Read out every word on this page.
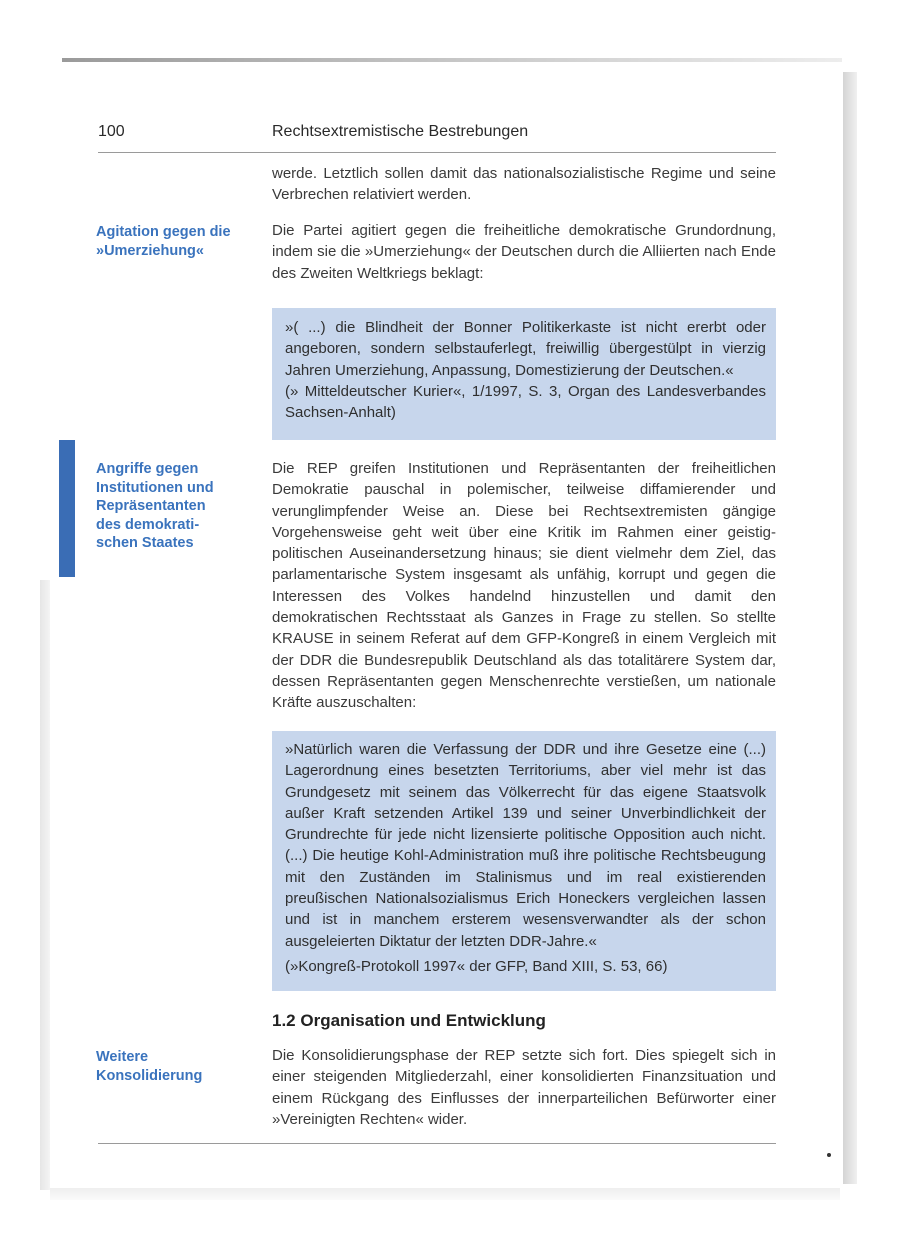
100	Rechtsextremistische Bestrebungen

werde. Letztlich sollen damit das nationalsozialistische Regime und seine Verbrechen relativiert werden.

Agitation gegen die
»Umerziehung«

Die Partei agitiert gegen die freiheitliche demokratische Grundordnung, indem sie die »Umerziehung« der Deutschen durch die Alliierten nach Ende des Zweiten Weltkriegs beklagt:

»( ...) die Blindheit der Bonner Politikerkaste ist nicht ererbt oder angeboren, sondern selbstauferlegt, freiwillig übergestülpt in vierzig Jahren Umerziehung, Anpassung, Domestizierung der Deutschen.«

(» Mitteldeutscher Kurier«, 1/1997, S. 3, Organ des Landesverbandes Sachsen-Anhalt)

Angriffe gegen
Institutionen und
Repräsentanten
des demokrati-
schen Staates

Die REP greifen Institutionen und Repräsentanten der freiheitlichen Demokratie pauschal in polemischer, teilweise diffamierender und verunglimpfender Weise an. Diese bei Rechtsextremisten gängige Vorgehensweise geht weit über eine Kritik im Rahmen einer geistig-politischen Auseinandersetzung hinaus; sie dient vielmehr dem Ziel, das parlamentarische System insgesamt als unfähig, korrupt und gegen die Interessen des Volkes handelnd hinzustellen und damit den demokratischen Rechtsstaat als Ganzes in Frage zu stellen. So stellte KRAUSE in seinem Referat auf dem GFP-Kongreß in einem Vergleich mit der DDR die Bundesrepublik Deutschland als das totalitärere System dar, dessen Repräsentanten gegen Menschenrechte verstießen, um nationale Kräfte auszuschalten:

»Natürlich waren die Verfassung der DDR und ihre Gesetze eine (...) Lagerordnung eines besetzten Territoriums, aber viel mehr ist das Grundgesetz mit seinem das Völkerrecht für das eigene Staatsvolk außer Kraft setzenden Artikel 139 und seiner Unverbindlichkeit der Grundrechte für jede nicht lizensierte politische Opposition auch nicht. (...) Die heutige Kohl-Administration muß ihre politische Rechtsbeugung mit den Zuständen im Stalinismus und im real existierenden preußischen Nationalsozialismus Erich Honeckers vergleichen lassen und ist in manchem ersterem wesensverwandter als der schon ausgeleierten Diktatur der letzten DDR-Jahre.«

(»Kongreß-Protokoll 1997« der GFP, Band XIII, S. 53, 66)

1.2 Organisation und Entwicklung
Weitere
Konsolidierung

Die Konsolidierungsphase der REP setzte sich fort. Dies spiegelt sich in einer steigenden Mitgliederzahl, einer konsolidierten Finanzsituation und einem Rückgang des Einflusses der innerparteilichen Befürworter einer »Vereinigten Rechten« wider.
